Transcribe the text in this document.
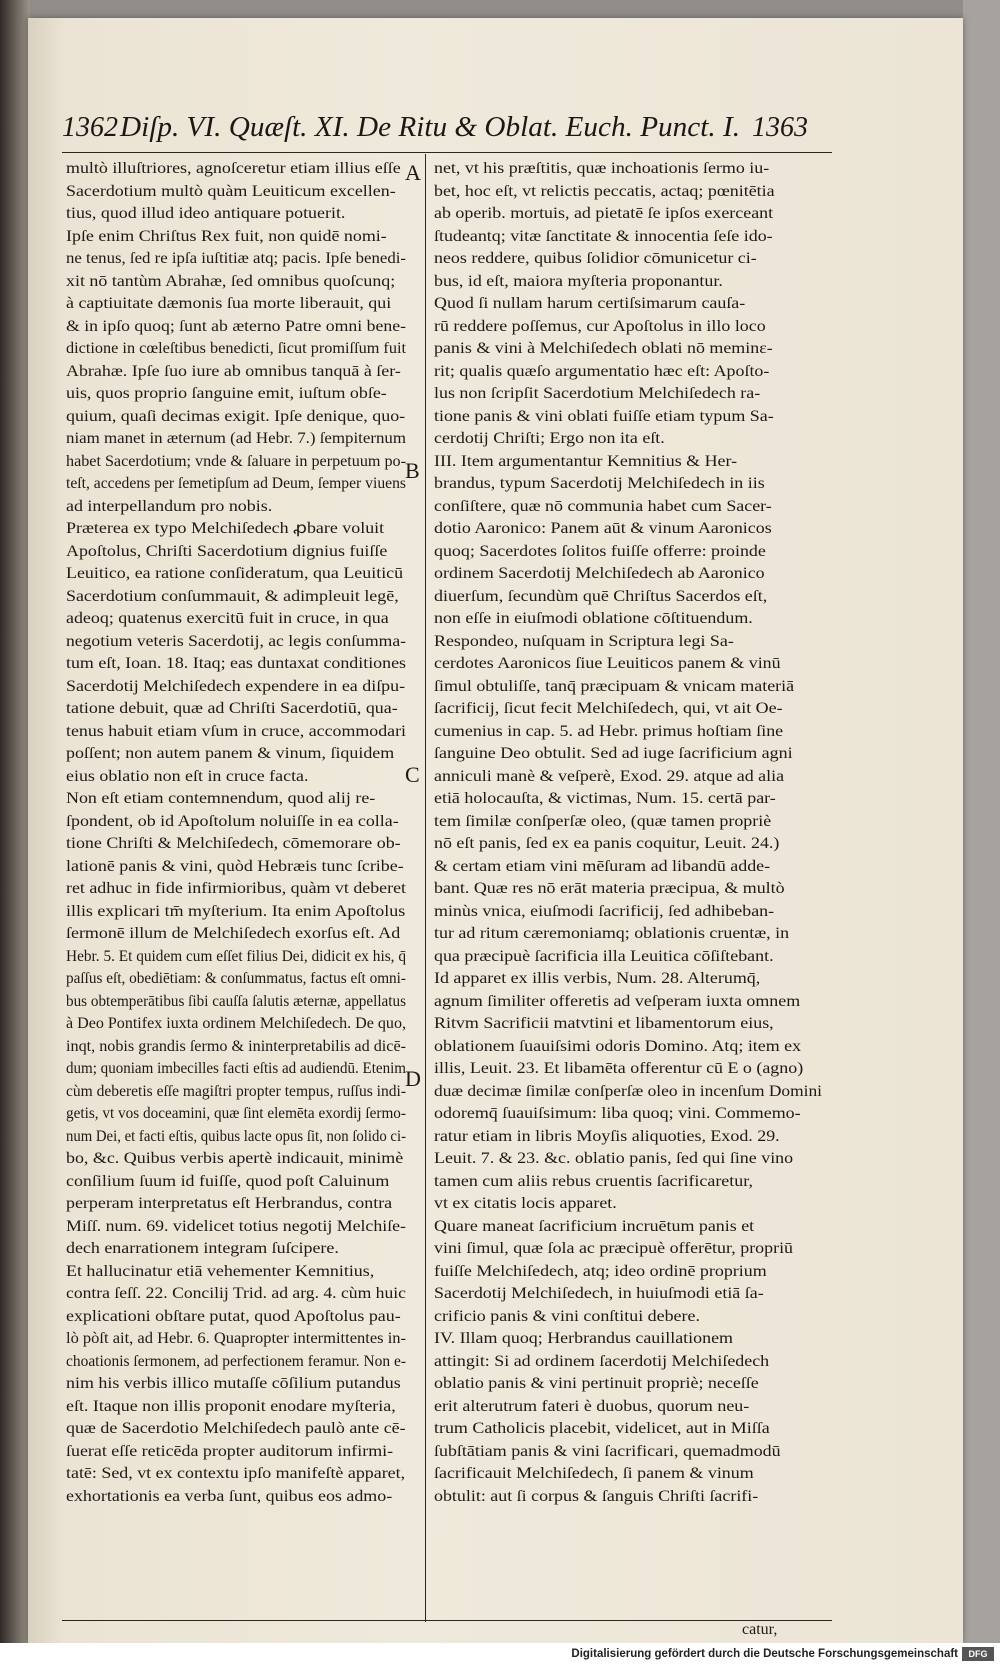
1362 Diſp. VI. Quæſt. XI. De Ritu & Oblat. Euch. Punct. I. 1363
multò illuſtriores, agnoſceretur etiam illius eſſe
Sacerdotium multò quàm Leuiticum excellen-
tius, quod illud ideo antiquare potuerit.
Ipſe enim Chriſtus Rex fuit, non quidē nomi-
ne tenus, ſed re ipſa iuſtitiæ atq; pacis. Ipſe benedi-
xit nō tantùm Abrahæ, ſed omnibus quoſcunq;
à captiuitate dæmonis ſua morte liberauit, qui
& in ipſo quoq; ſunt ab æterno Patre omni bene-
dictione in cœleſtibus benedicti, ſicut promiſſum fuit
Abrahæ. Ipſe ſuo iure ab omnibus tanquā à ſer-
uis, quos proprio ſanguine emit, iuſtum obſe-
quium, quaſi decimas exigit. Ipſe denique, quo-
niam manet in æternum (ad Hebr. 7.) ſempiternum
habet Sacerdotium; vnde & ſaluare in perpetuum po-
teſt, accedens per ſemetipſum ad Deum, ſemper viuens
ad interpellandum pro nobis.
Præterea ex typo Melchiſedech ꝓbare voluit
Apoſtolus, Chriſti Sacerdotium dignius fuiſſe
Leuitico, ea ratione conſideratum, qua Leuiticū
Sacerdotium conſummauit, & adimpleuit legē,
adeoq; quatenus exercitū fuit in cruce, in qua
negotium veteris Sacerdotij, ac legis conſumma-
tum eſt, Ioan. 18. Itaq; eas duntaxat conditiones
Sacerdotij Melchiſedech expendere in ea diſpu-
tatione debuit, quæ ad Chriſti Sacerdotiū, qua-
tenus habuit etiam vſum in cruce, accommodari
poſſent; non autem panem & vinum, ſiquidem
eius oblatio non eſt in cruce facta.
Non eſt etiam contemnendum, quod alij re-
ſpondent, ob id Apoſtolum noluiſſe in ea colla-
tione Chriſti & Melchiſedech, cōmemorare ob-
lationē panis & vini, quòd Hebræis tunc ſcribe-
ret adhuc in fide infirmioribus, quàm vt deberet
illis explicari tm̄ myſterium. Ita enim Apoſtolus
ſermonē illum de Melchiſedech exorſus eſt. Ad
Hebr. 5. Et quidem cum eſſet filius Dei, didicit ex his, q̄
paſſus eſt, obediētiam: & conſummatus, factus eſt omni-
bus obtemperātibus ſibi cauſſa ſalutis æternæ, appellatus
à Deo Pontifex iuxta ordinem Melchiſedech. De quo,
inqt, nobis grandis ſermo & ininterpretabilis ad dicē-
dum; quoniam imbecilles facti eſtis ad audiendū. Etenim
cùm deberetis eſſe magiſtri propter tempus, ruſſus indi-
getis, vt vos doceamini, quæ ſint elemēta exordij ſermo-
num Dei, et facti eſtis, quibus lacte opus ſit, non ſolido ci-
bo, &c. Quibus verbis apertè indicauit, minimè
conſilium ſuum id fuiſſe, quod poſt Caluinum
perperam interpretatus eſt Herbrandus, contra
Miſſ. num. 69. videlicet totius negotij Melchiſe-
dech enarrationem integram ſuſcipere.
Et hallucinatur etiā vehementer Kemnitius,
contra ſeſſ. 22. Concilij Trid. ad arg. 4. cùm huic
explicationi obſtare putat, quod Apoſtolus pau-
lò pòſt ait, ad Hebr. 6. Quapropter intermittentes in-
choationis ſermonem, ad perfectionem feramur. Non e-
nim his verbis illico mutaſſe cōſilium putandus
eſt. Itaque non illis proponit enodare myſteria,
quæ de Sacerdotio Melchiſedech paulò ante cē-
ſuerat eſſe reticēda propter auditorum infirmi-
tatē: Sed, vt ex contextu ipſo manifeſtè apparet,
exhortationis ea verba ſunt, quibus eos admo-
net, vt his præſtitis, quæ inchoationis ſermo iu-
bet, hoc eſt, vt relictis peccatis, actaq; pœnitētia
ab operib. mortuis, ad pietatē ſe ipſos exerceant
ſtudeantq; vitæ ſanctitate & innocentia ſeſe ido-
neos reddere, quibus ſolidior cōmunicetur ci-
bus, id eſt, maiora myſteria proponantur.
Quod ſi nullam harum certiſsimarum cauſa-
rū reddere poſſemus, cur Apoſtolus in illo loco
panis & vini à Melchiſedech oblati nō meminε-
rit; qualis quæſo argumentatio hæc eſt: Apoſto-
lus non ſcripſit Sacerdotium Melchiſedech ra-
tione panis & vini oblati fuiſſe etiam typum Sa-
cerdotij Chriſti; Ergo non ita eſt.
III. Item argumentantur Kemnitius & Her-
brandus, typum Sacerdotij Melchiſedech in iis
conſiſtere, quæ nō communia habet cum Sacer-
dotio Aaronico: Panem aūt & vinum Aaronicos
quoq; Sacerdotes ſolitos fuiſſe offerre: proinde
ordinem Sacerdotij Melchiſedech ab Aaronico
diuerſum, ſecundùm quē Chriſtus Sacerdos eſt,
non eſſe in eiuſmodi oblatione cōſtituendum.
Respondeo, nuſquam in Scriptura legi Sa-
cerdotes Aaronicos ſiue Leuiticos panem & vinū
ſimul obtuliſſe, tanq̄ præcipuam & vnicam materiā
ſacrificij, ſicut fecit Melchiſedech, qui, vt ait Oe-
cumenius in cap. 5. ad Hebr. primus hoſtiam ſine
ſanguine Deo obtulit. Sed ad iuge ſacrificium agni
anniculi manè & veſperè, Exod. 29. atque ad alia
etiā holocauſta, & victimas, Num. 15. certā par-
tem ſimilæ conſperſæ oleo, (quæ tamen propriè
nō eſt panis, ſed ex ea panis coquitur, Leuit. 24.)
& certam etiam vini mēſuram ad libandū adde-
bant. Quæ res nō erāt materia præcipua, & multò
minùs vnica, eiuſmodi ſacrificij, ſed adhibeban-
tur ad ritum cæremoniamq; oblationis cruentæ, in
qua præcipuè ſacrificia illa Leuitica cōſiſtebant.
Id apparet ex illis verbis, Num. 28. Alterumq̄,
agnum ſimiliter offeretis ad veſperam iuxta omnem
Ritvm Sacrificii matvtini et libamentorum eius,
oblationem ſuauiſsimi odoris Domino. Atq; item ex
illis, Leuit. 23. Et libamēta offerentur cū E o (agno)
duæ decimæ ſimilæ conſperſæ oleo in incenſum Domini
odoremq̄ ſuauiſsimum: liba quoq; vini. Commemo-
ratur etiam in libris Moyſis aliquoties, Exod. 29.
Leuit. 7. & 23. &c. oblatio panis, ſed qui ſine vino
tamen cum aliis rebus cruentis ſacrificaretur,
vt ex citatis locis apparet.
Quare maneat ſacrificium incruētum panis et
vini ſimul, quæ ſola ac præcipuè offerētur, propriū
fuiſſe Melchiſedech, atq; ideo ordinē proprium
Sacerdotij Melchiſedech, in huiuſmodi etiā ſa-
crificio panis & vini conſtitui debere.
IV. Illam quoq; Herbrandus cauillationem
attingit: Si ad ordinem ſacerdotij Melchiſedech
oblatio panis & vini pertinuit propriè; neceſſe
erit alterutrum fateri è duobus, quorum neu-
trum Catholicis placebit, videlicet, aut in Miſſa
ſubſtātiam panis & vini ſacrificari, quemadmodū
ſacrificauit Melchiſedech, ſi panem & vinum
obtulit: aut ſi corpus & ſanguis Chriſti ſacrifi-
A
B
C
D
catur,
Digitalisierung gefördert durch die Deutsche Forschungsgemeinschaft	DFG
